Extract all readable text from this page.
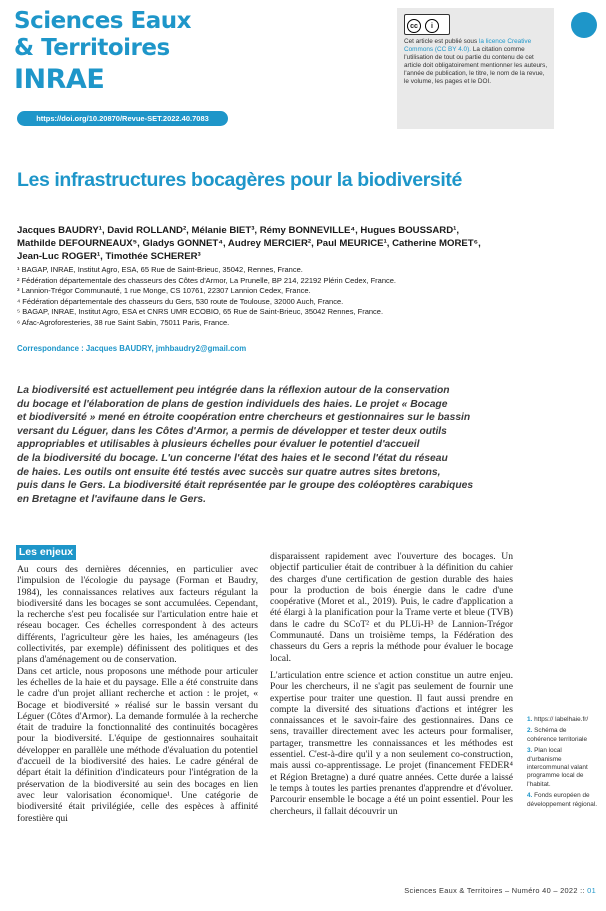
Sciences Eaux
& Territoires
INRAE
https://doi.org/10.20870/Revue-SET.2022.40.7083
cc i
Cet article est publié sous la licence Creative Commons (CC BY 4.0). La citation comme l'utilisation de tout ou partie du contenu de cet article doit obligatoirement mentionner les auteurs, l'année de publication, le titre, le nom de la revue, le volume, les pages et le DOI.
Les infrastructures bocagères pour la biodiversité
Jacques BAUDRY¹, David ROLLAND², Mélanie BIET³, Rémy BONNEVILLE⁴, Hugues BOUSSARD¹,
Mathilde DEFOURNEAUX⁵, Gladys GONNET⁴, Audrey MERCIER², Paul MEURICE¹, Catherine MORET⁶,
Jean-Luc ROGER¹, Timothée SCHERER³
¹ BAGAP, INRAE, Institut Agro, ESA, 65 Rue de Saint-Brieuc, 35042, Rennes, France.
² Fédération départementale des chasseurs des Côtes d'Armor, La Prunelle, BP 214, 22192 Plérin Cedex, France.
³ Lannion-Trégor Communauté, 1 rue Monge, CS 10761, 22307 Lannion Cedex, France.
⁴ Fédération départementale des chasseurs du Gers, 530 route de Toulouse, 32000 Auch, France.
⁵ BAGAP, INRAE, Institut Agro, ESA et CNRS UMR ECOBIO, 65 Rue de Saint-Brieuc, 35042 Rennes, France.
⁶ Afac-Agroforesteries, 38 rue Saint Sabin, 75011 Paris, France.
Correspondance : Jacques BAUDRY, jmhbaudry2@gmail.com
La biodiversité est actuellement peu intégrée dans la réflexion autour de la conservation
du bocage et l'élaboration de plans de gestion individuels des haies. Le projet « Bocage
et biodiversité » mené en étroite coopération entre chercheurs et gestionnaires sur le bassin
versant du Léguer, dans les Côtes d'Armor, a permis de développer et tester deux outils
appropriables et utilisables à plusieurs échelles pour évaluer le potentiel d'accueil
de la biodiversité du bocage. L'un concerne l'état des haies et le second l'état du réseau
de haies. Les outils ont ensuite été testés avec succès sur quatre autres sites bretons,
puis dans le Gers. La biodiversité était représentée par le groupe des coléoptères carabiques
en Bretagne et l'avifaune dans le Gers.
Les enjeux

Au cours des dernières décennies, en particulier avec l'impulsion de l'écologie du paysage (Forman et Baudry, 1984), les connaissances relatives aux facteurs régulant la biodiversité dans les bocages se sont accumulées. Cependant, la recherche s'est peu focalisée sur l'articulation entre haie et réseau bocager. Ces échelles correspondent à des acteurs différents, l'agriculteur gère les haies, les aménageurs (les collectivités, par exemple) définissent des politiques et des plans d'aménagement ou de conservation.

Dans cet article, nous proposons une méthode pour articuler les échelles de la haie et du paysage. Elle a été construite dans le cadre d'un projet alliant recherche et action : le projet, « Bocage et biodiversité » réalisé sur le bassin versant du Léguer (Côtes d'Armor). La demande formulée à la recherche était de traduire la fonctionnalité des continuités bocagères pour la biodiversité. L'équipe de gestionnaires souhaitait développer en parallèle une méthode d'évaluation du potentiel d'accueil de la biodiversité des haies. Le cadre général de départ était la définition d'indicateurs pour l'intégration de la préservation de la biodiversité au sein des bocages en lien avec leur valorisation économique¹. Une catégorie de biodiversité était privilégiée, celle des espèces à affinité forestière qui

disparaissent rapidement avec l'ouverture des bocages. Un objectif particulier était de contribuer à la définition du cahier des charges d'une certification de gestion durable des haies pour la production de bois énergie dans le cadre d'une coopérative (Moret et al., 2019). Puis, le cadre d'application a été élargi à la planification pour la Trame verte et bleue (TVB) dans le cadre du SCoT² et du PLUi-H³ de Lannion-Trégor Communauté. Dans un troisième temps, la Fédération des chasseurs du Gers a repris la méthode pour évaluer le bocage local.

L'articulation entre science et action constitue un autre enjeu. Pour les chercheurs, il ne s'agit pas seulement de fournir une expertise pour traiter une question. Il faut aussi prendre en compte la diversité des situations d'actions et intégrer les connaissances et le savoir-faire des gestionnaires. Dans ce sens, travailler directement avec les acteurs pour formaliser, partager, transmettre les connaissances et les méthodes est essentiel. C'est-à-dire qu'il y a non seulement co-construction, mais aussi co-apprentissage. Le projet (financement FEDER⁴ et Région Bretagne) a duré quatre années. Cette durée a laissé le temps à toutes les parties prenantes d'apprendre et d'évoluer. Parcourir ensemble le bocage a été un point essentiel. Pour les chercheurs, il fallait découvrir un

1. https:// labelhaie.fr/
2. Schéma de cohérence territoriale
3. Plan local d'urbanisme intercommunal valant programme local de l'habitat.
4. Fonds européen de développement régional.
Sciences Eaux & Territoires – Numéro 40 – 2022 :: 01
